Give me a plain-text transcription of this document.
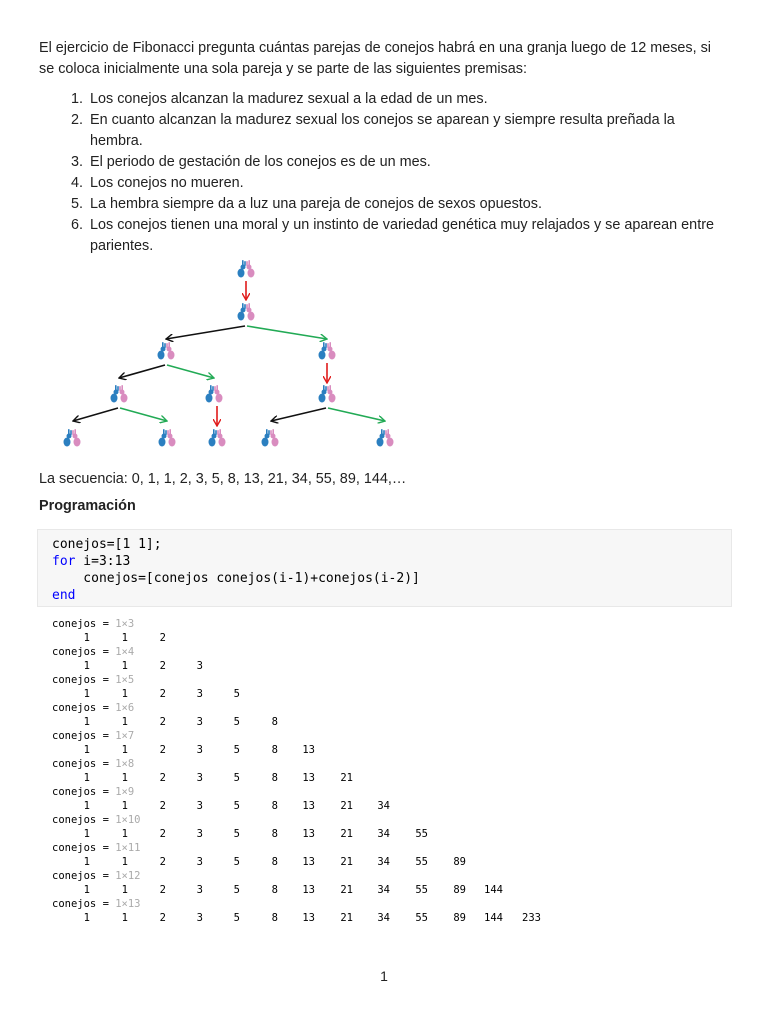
El ejercicio de Fibonacci pregunta cuántas parejas de conejos habrá en una granja luego de 12 meses, si se coloca inicialmente una sola pareja y se parte de las siguientes premisas:

1. Los conejos alcanzan la madurez sexual a la edad de un mes.
2. En cuanto alcanzan la madurez sexual los conejos se aparean y siempre resulta preñada la hembra.
3. El periodo de gestación de los conejos es de un mes.
4. Los conejos no mueren.
5. La hembra siempre da a luz una pareja de conejos de sexos opuestos.
6. Los conejos tienen una moral y un instinto de variedad genética muy relajados y se aparean entre parientes.

La secuencia: 0, 1, 1, 2, 3, 5, 8, 13, 21, 34, 55, 89, 144,…

Programación

conejos=[1 1];
for i=3:13
conejos=[conejos conejos(i-1)+conejos(i-2)]
end
conejos = 1×3
1	1	2
conejos = 1×4
1	1	2	3
conejos = 1×5
1	1	2	3	5
conejos = 1×6
1	1	2	3	5	8
conejos = 1×7
1	1	2	3	5	8	13
conejos = 1×8
1	1	2	3	5	8	13	21
conejos = 1×9
1	1	2	3	5	8	13	21	34
conejos = 1×10
1	1	2	3	5	8	13	21	34	55
conejos = 1×11
1	1	2	3	5	8	13	21	34	55	89
conejos = 1×12
1	1	2	3	5	8	13	21	34	55	89	144
conejos = 1×13
1	1	2	3	5	8	13	21	34	55	89	144	233
1
